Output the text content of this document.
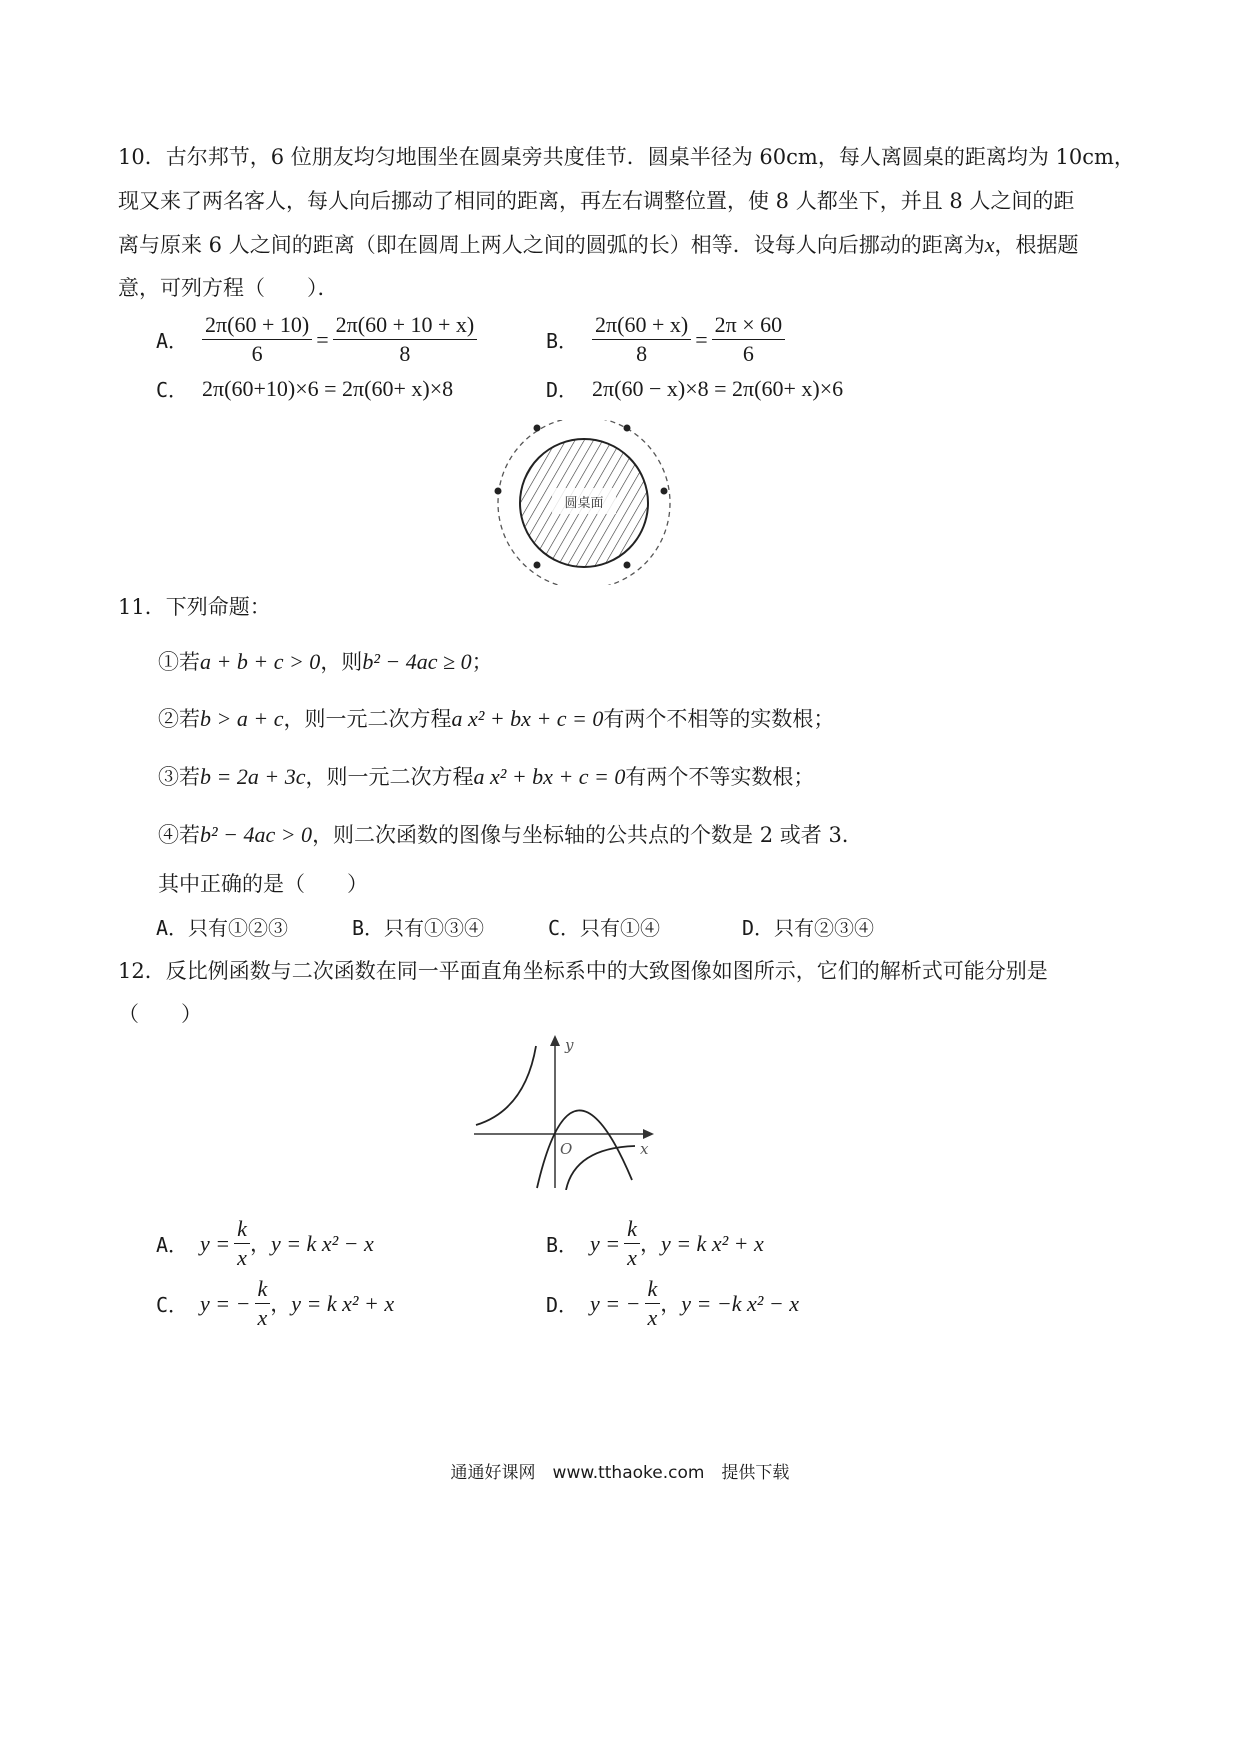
10．古尔邦节，6 位朋友均匀地围坐在圆桌旁共度佳节．圆桌半径为 60cm，每人离圆桌的距离均为 10cm，
现又来了两名客人，每人向后挪动了相同的距离，再左右调整位置，使 8 人都坐下，并且 8 人之间的距
离与原来 6 人之间的距离（即在圆周上两人之间的圆弧的长）相等．设每人向后挪动的距离为x，根据题
意，可列方程（　　）．
A． $\frac{2\pi(60 + 10)}{6} = \frac{2\pi(60 + 10 + x)}{8}$	B． $\frac{2\pi(60 + x)}{8} = \frac{2\pi \times 60}{6}$
C． 2π(60+10)×6 = 2π(60+ x)×8	D． 2π(60 − x)×8 = 2π(60+ x)×6
圆桌面
11．下列命题：
①若a + b + c > 0，则b² − 4ac ≥ 0；
②若b > a + c，则一元二次方程a x² + bx + c = 0有两个不相等的实数根；
③若b = 2a + 3c，则一元二次方程a x² + bx + c = 0有两个不等实数根；
④若b² − 4ac > 0，则二次函数的图像与坐标轴的公共点的个数是 2 或者 3.
其中正确的是（　　）
A．只有①②③	B．只有①③④	C．只有①④	D．只有②③④
12．反比例函数与二次函数在同一平面直角坐标系中的大致图像如图所示，它们的解析式可能分别是
（　　）
y
x
O
A． $y = \frac{k}{x}$ ， y = k x² − x	B． $y = \frac{k}{x}$ ， y = k x² + x
C． y = − $\frac{k}{x}$ ， y = k x² + x	D． y = − $\frac{k}{x}$ ， y = −k x² − x
通通好课网　www.tthaoke.com　提供下载
